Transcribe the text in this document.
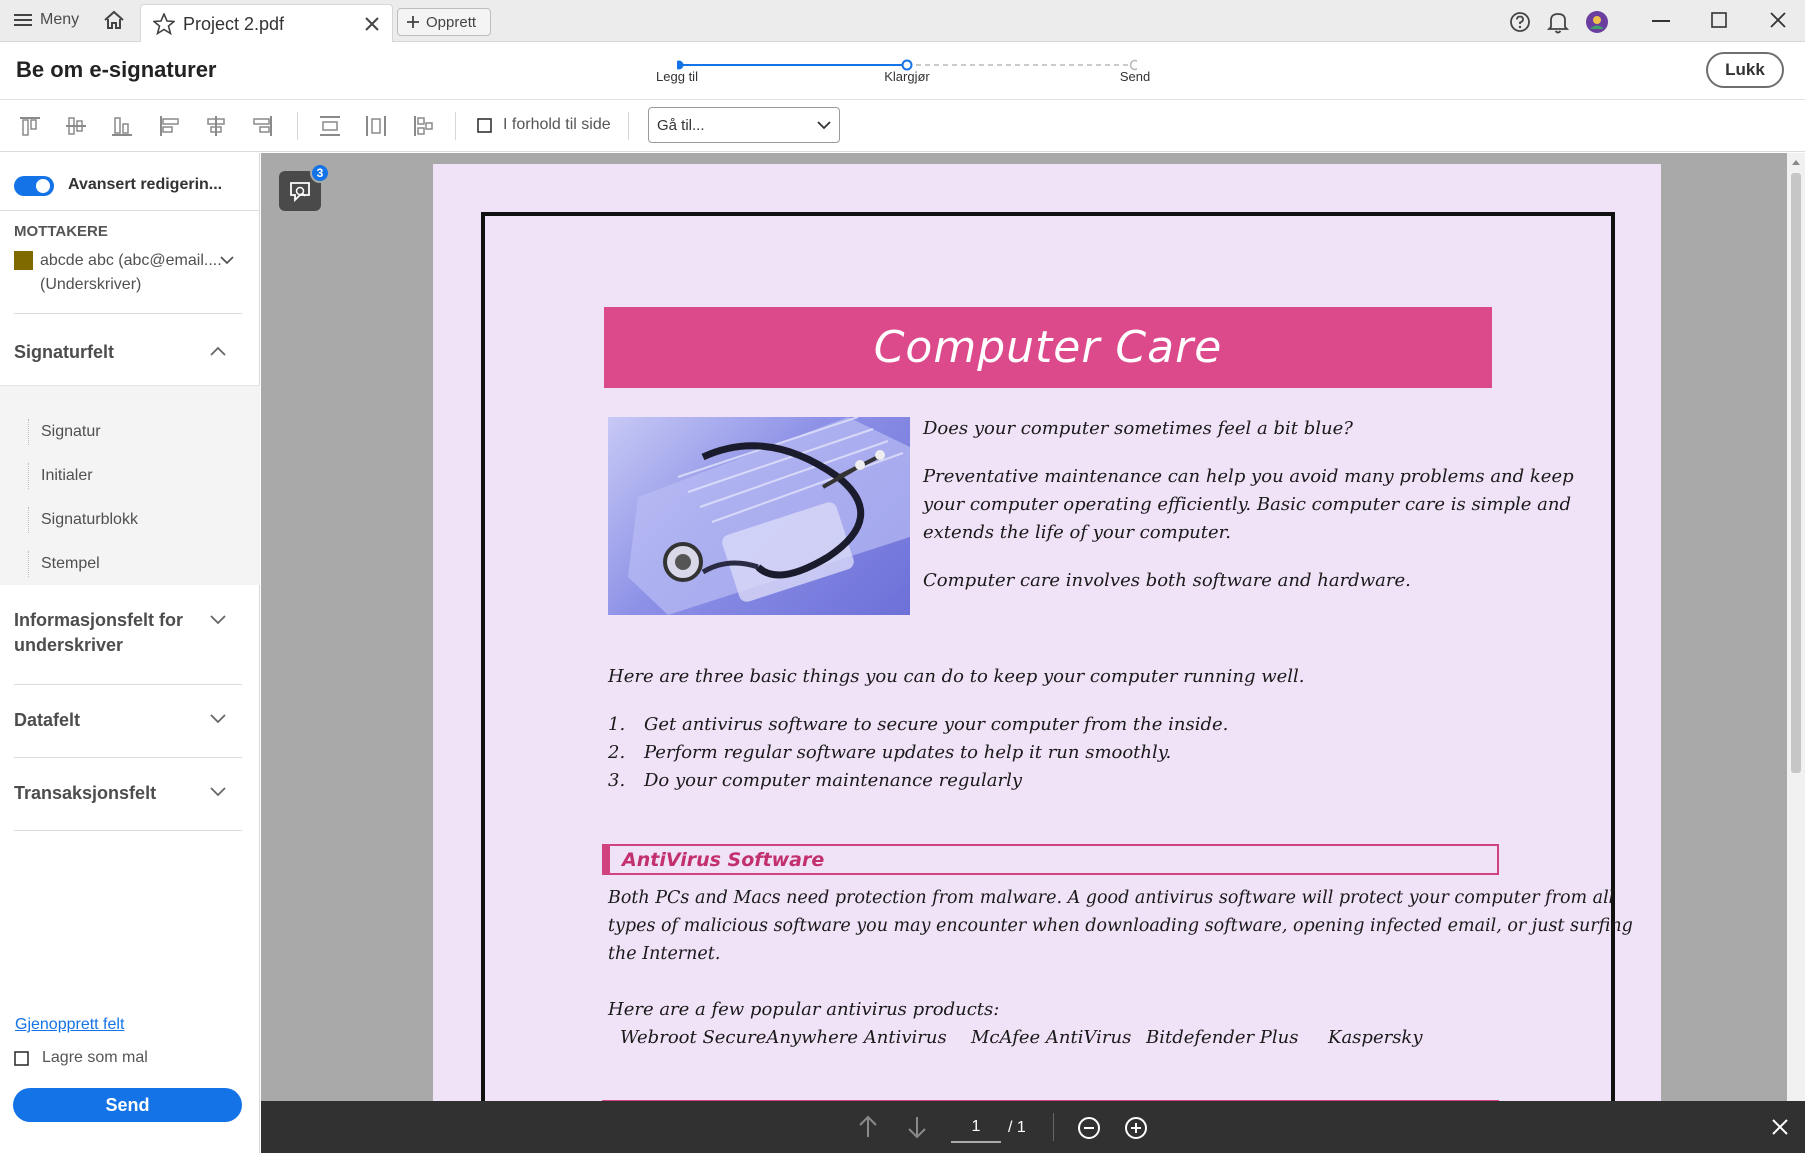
Meny	Project 2.pdf	Opprett
Be om e-signaturer	Legg til	Klargjør	Send	Lukk
I forhold til side	Gå til...
Avansert redigerin...
MOTTAKERE
abcde abc (abc@email....
(Underskriver)
Signaturfelt
Signatur
Initialer
Signaturblokk
Stempel
Informasjonsfelt for
underskriver
Datafelt
Transaksjonsfelt
Gjenopprett felt
Lagre som mal
Send
3
Computer Care
Does your computer sometimes feel a bit blue?
Preventative maintenance can help you avoid many problems and keep
your computer operating efficiently. Basic computer care is simple and
extends the life of your computer.
Computer care involves both software and hardware.
Here are three basic things you can do to keep your computer running well.
1. Get antivirus software to secure your computer from the inside.
2. Perform regular software updates to help it run smoothly.
3. Do your computer maintenance regularly
AntiVirus Software
Both PCs and Macs need protection from malware. A good antivirus software will protect your computer from all
types of malicious software you may encounter when downloading software, opening infected email, or just surfing
the Internet.
Here are a few popular antivirus products:
Webroot SecureAnywhere Antivirus McAfee AntiVirus Bitdefender Plus Kaspersky
1	/ 1
